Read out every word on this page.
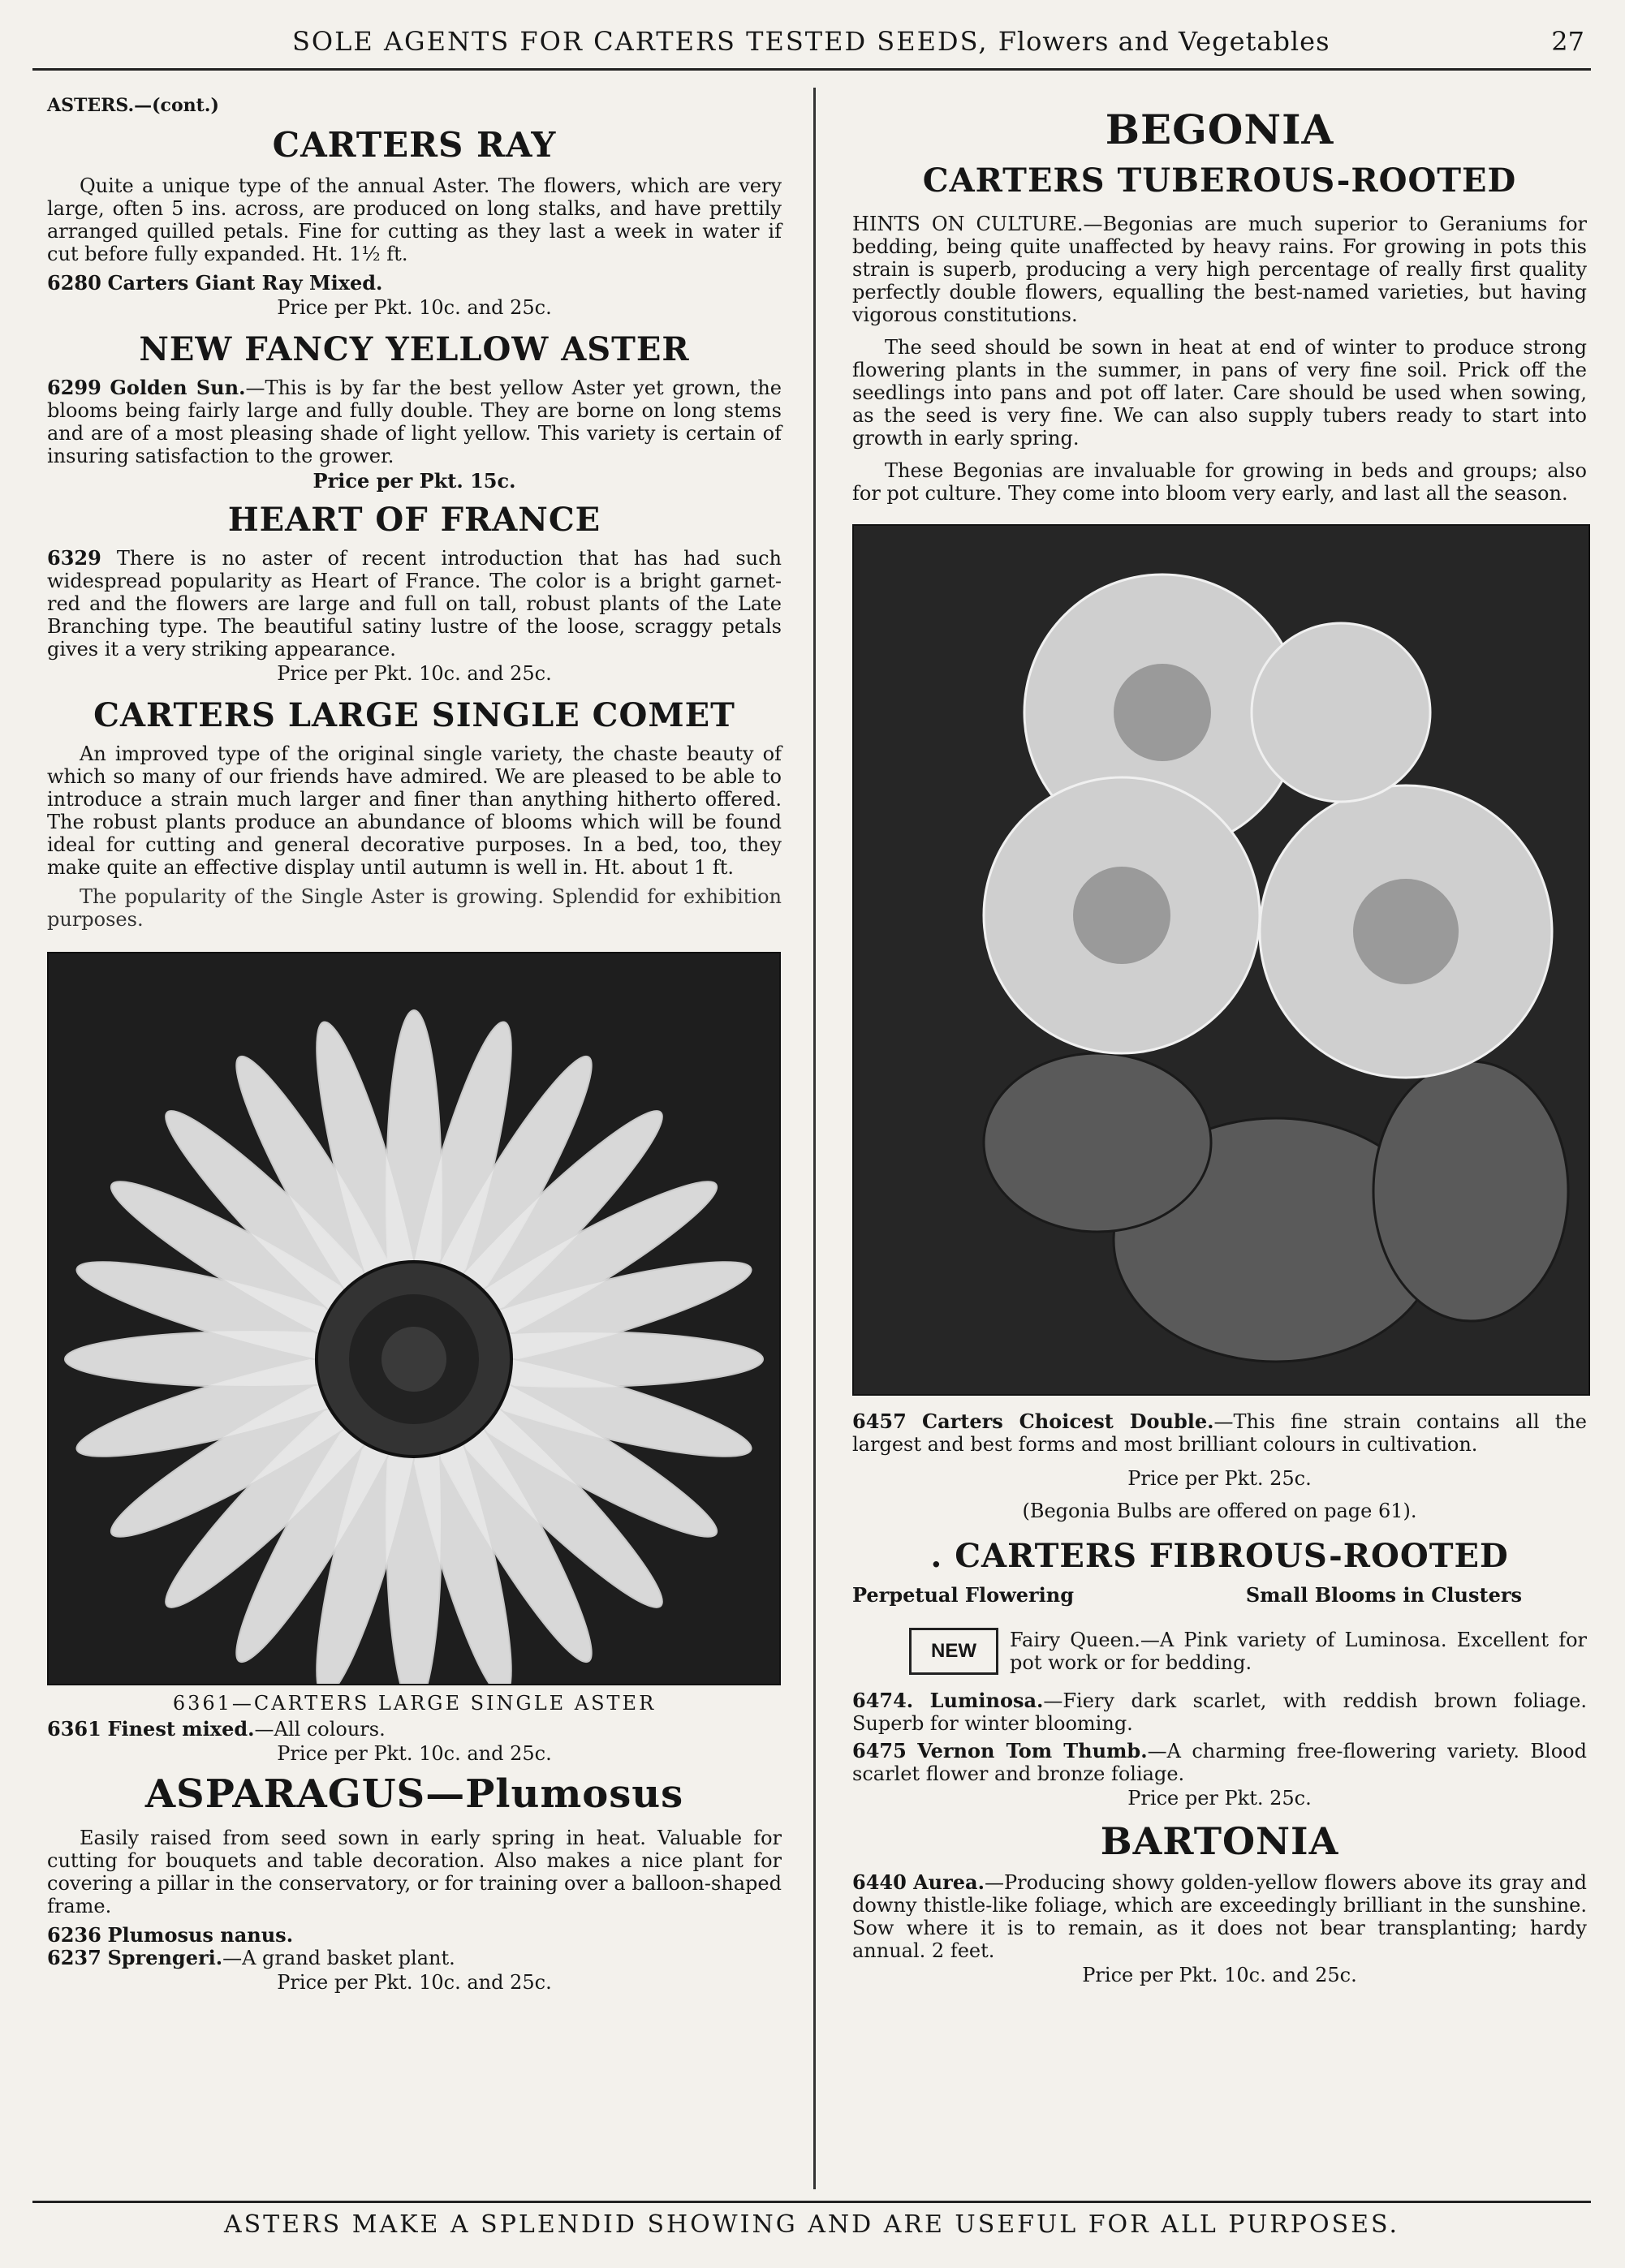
SOLE AGENTS FOR CARTERS TESTED SEEDS, Flowers and Vegetables	27

ASTERS.—(cont.)

CARTERS RAY

Quite a unique type of the annual Aster. The flowers, which are very large, often 5 ins. across, are produced on long stalks, and have prettily arranged quilled petals. Fine for cutting as they last a week in water if cut before fully expanded. Ht. 1½ ft.

6280 Carters Giant Ray Mixed.

Price per Pkt. 10c. and 25c.

NEW FANCY YELLOW ASTER

6299 Golden Sun.—This is by far the best yellow Aster yet grown, the blooms being fairly large and fully double. They are borne on long stems and are of a most pleasing shade of light yellow. This variety is certain of insuring satisfaction to the grower.

Price per Pkt. 15c.

HEART OF FRANCE

6329 There is no aster of recent introduction that has had such widespread popularity as Heart of France. The color is a bright garnet-red and the flowers are large and full on tall, robust plants of the Late Branching type. The beautiful satiny lustre of the loose, scraggy petals gives it a very striking appearance.

Price per Pkt. 10c. and 25c.

CARTERS LARGE SINGLE COMET

An improved type of the original single variety, the chaste beauty of which so many of our friends have admired. We are pleased to be able to introduce a strain much larger and finer than anything hitherto offered. The robust plants produce an abundance of blooms which will be found ideal for cutting and general decorative purposes. In a bed, too, they make quite an effective display until autumn is well in. Ht. about 1 ft.

The popularity of the Single Aster is growing. Splendid for exhibition purposes.

6361—CARTERS LARGE SINGLE ASTER

6361 Finest mixed.—All colours.

Price per Pkt. 10c. and 25c.

ASPARAGUS—Plumosus

Easily raised from seed sown in early spring in heat. Valuable for cutting for bouquets and table decoration. Also makes a nice plant for covering a pillar in the conservatory, or for training over a balloon-shaped frame.

6236 Plumosus nanus.

6237 Sprengeri.—A grand basket plant.

Price per Pkt. 10c. and 25c.

BEGONIA
CARTERS TUBEROUS-ROOTED

HINTS ON CULTURE.—Begonias are much superior to Geraniums for bedding, being quite unaffected by heavy rains. For growing in pots this strain is superb, producing a very high percentage of really first quality perfectly double flowers, equalling the best-named varieties, but having vigorous constitutions.

The seed should be sown in heat at end of winter to produce strong flowering plants in the summer, in pans of very fine soil. Prick off the seedlings into pans and pot off later. Care should be used when sowing, as the seed is very fine. We can also supply tubers ready to start into growth in early spring.

These Begonias are invaluable for growing in beds and groups; also for pot culture. They come into bloom very early, and last all the season.

6457 Carters Choicest Double.—This fine strain contains all the largest and best forms and most brilliant colours in cultivation.

Price per Pkt. 25c.

(Begonia Bulbs are offered on page 61).

. CARTERS FIBROUS-ROOTED
Perpetual Flowering	Small Blooms in Clusters
NEW	Fairy Queen.—A Pink variety of Luminosa. Excellent for pot work or for bedding.

6474. Luminosa.—Fiery dark scarlet, with reddish brown foliage. Superb for winter blooming.

6475 Vernon Tom Thumb.—A charming free-flowering variety. Blood scarlet flower and bronze foliage.

Price per Pkt. 25c.

BARTONIA

6440 Aurea.—Producing showy golden-yellow flowers above its gray and downy thistle-like foliage, which are exceedingly brilliant in the sunshine. Sow where it is to remain, as it does not bear transplanting; hardy annual. 2 feet.

Price per Pkt. 10c. and 25c.

ASTERS MAKE A SPLENDID SHOWING AND ARE USEFUL FOR ALL PURPOSES.
